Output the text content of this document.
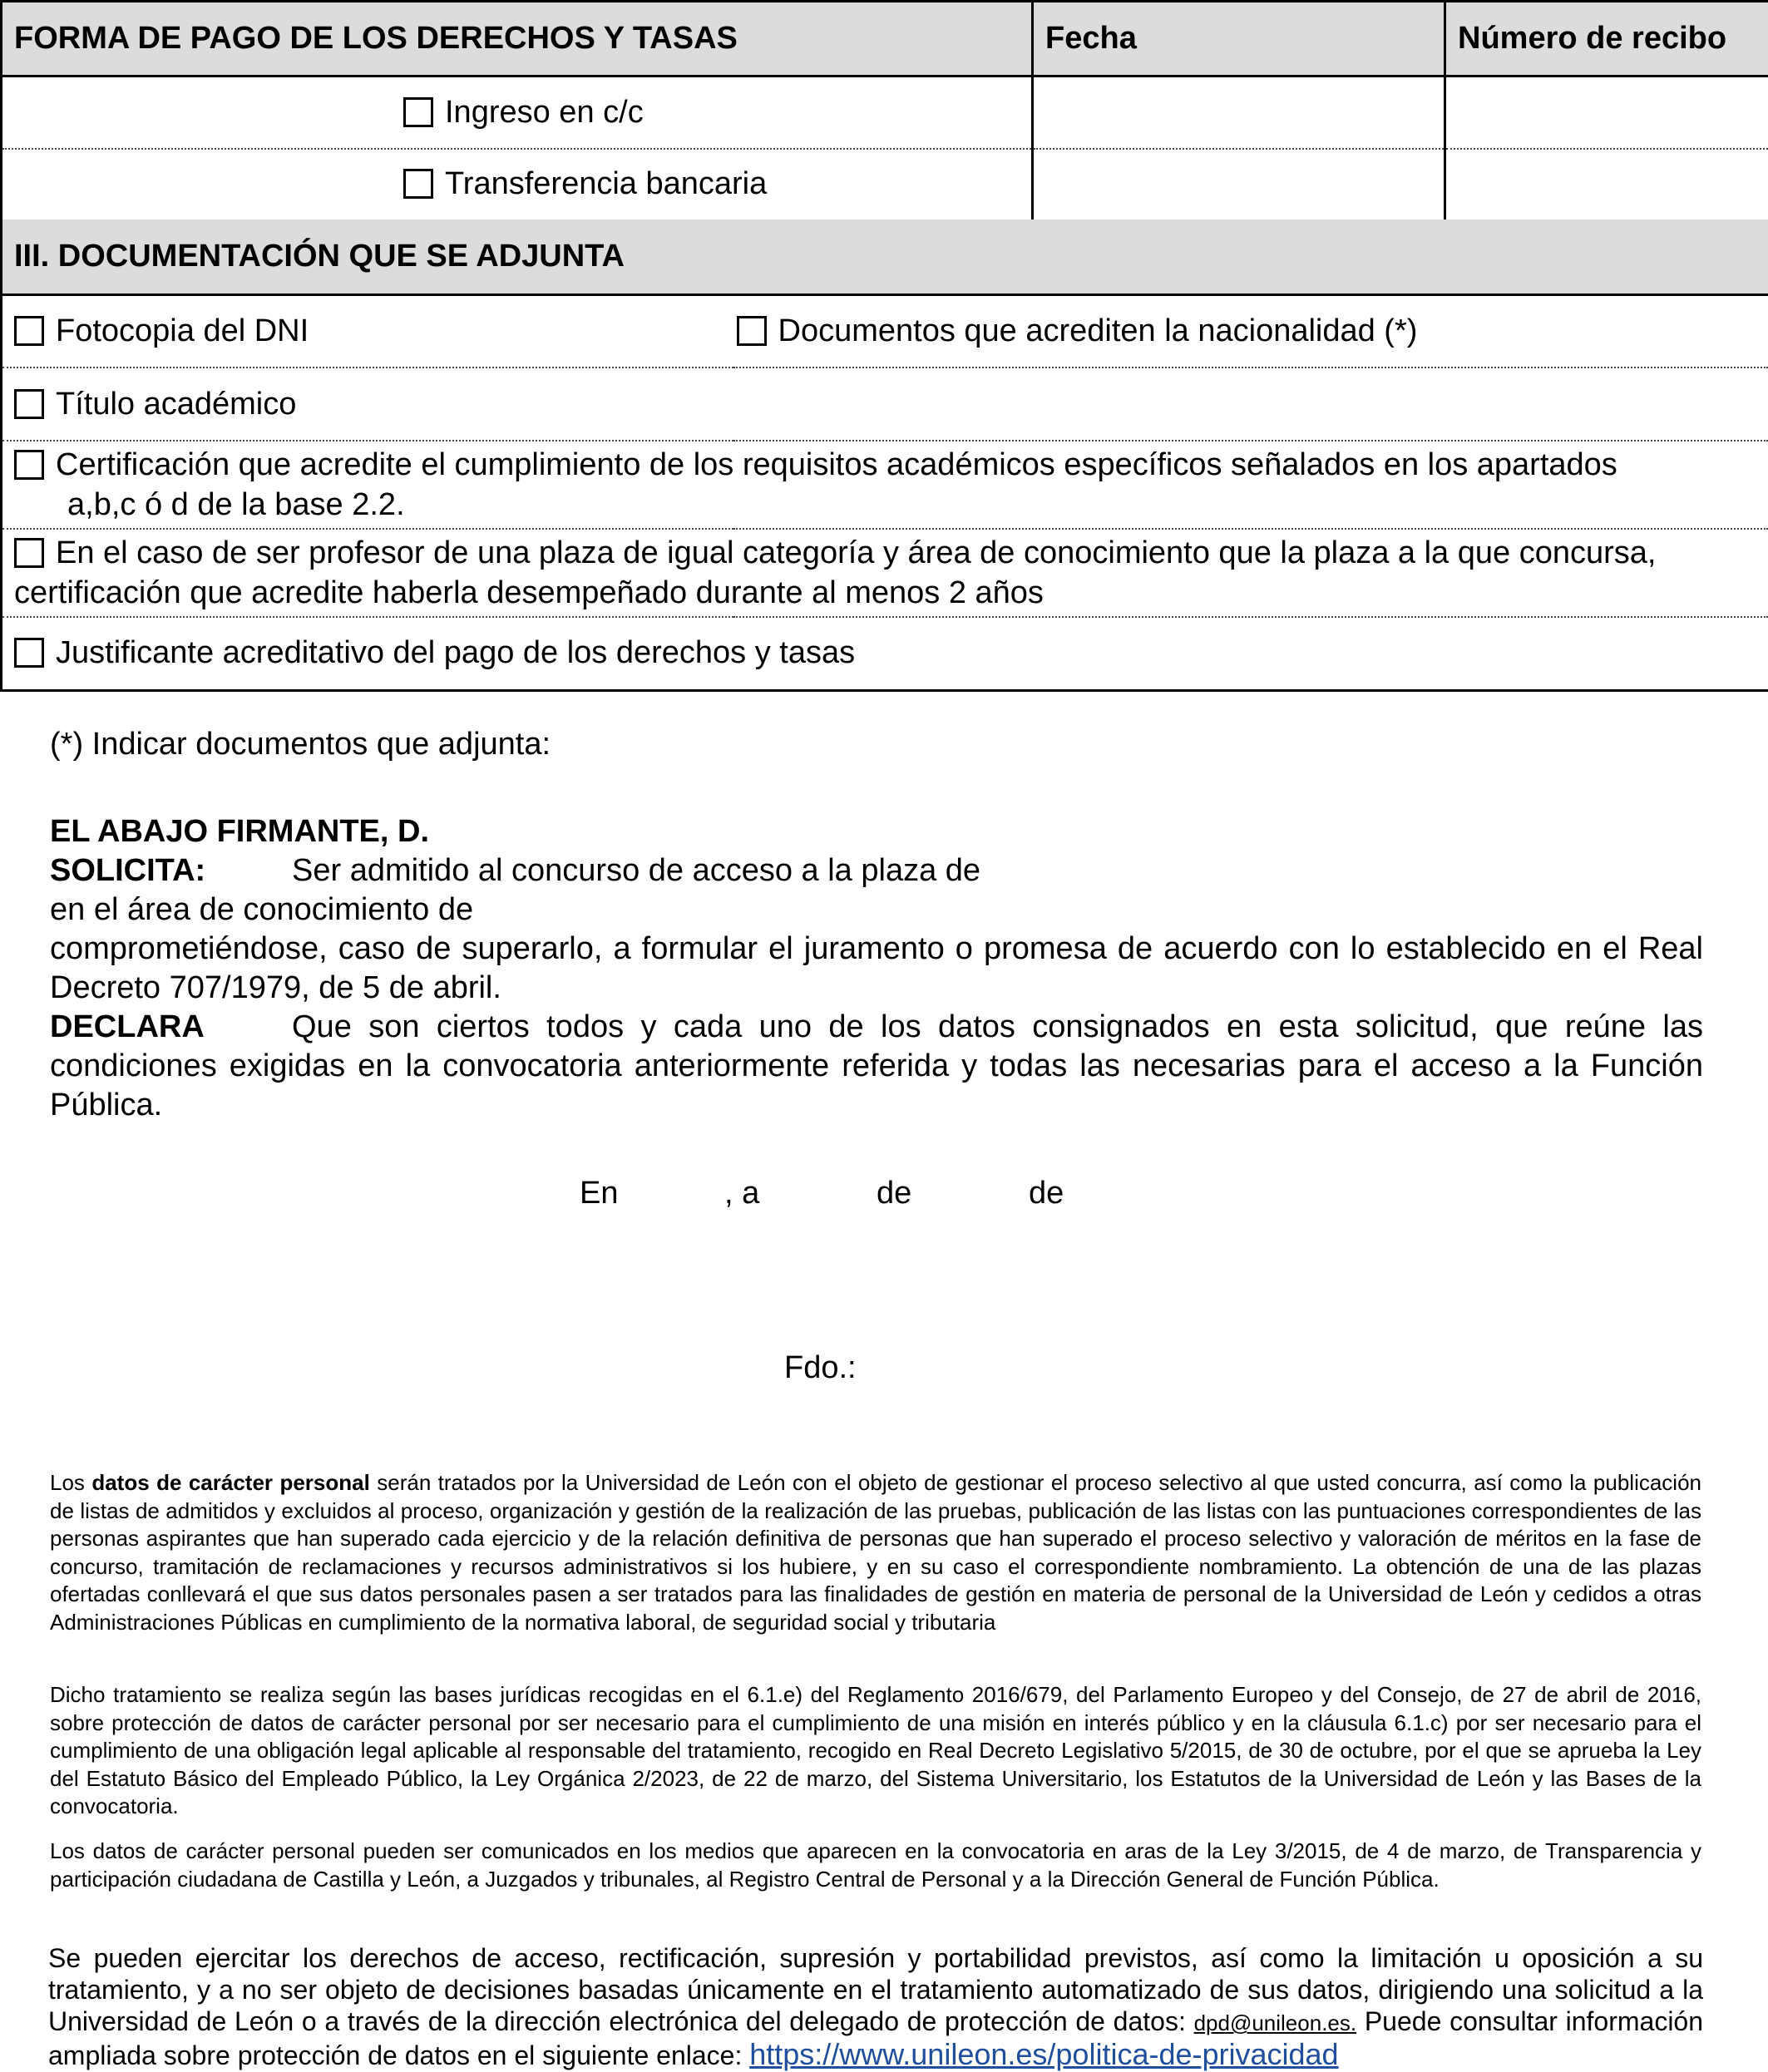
FORMA DE PAGO DE LOS DERECHOS Y TASAS	Fecha	Número de recibo
Ingreso en c/c		
Transferencia bancaria		
III. DOCUMENTACIÓN QUE SE ADJUNTA
Fotocopia del DNI	Documentos que acrediten la nacionalidad (*)
Título académico

Certificación que acredite el cumplimiento de los requisitos académicos específicos señalados en los apartados
a,b,c ó d de la base 2.2.

En el caso de ser profesor de una plaza de igual categoría y área de conocimiento que la plaza a la que concursa,
certificación que acredite haberla desempeñado durante al menos 2 años

Justificante acreditativo del pago de los derechos y tasas
(*) Indicar documentos que adjunta:
EL ABAJO FIRMANTE, D.
SOLICITA:	Ser admitido al concurso de acceso a la plaza de
en el área de conocimiento de
comprometiéndose, caso de superarlo, a formular el juramento o promesa de acuerdo con lo establecido en el Real Decreto 707/1979, de 5 de abril.
DECLARA	Que son ciertos todos y cada uno de los datos consignados en esta solicitud, que reúne las condiciones exigidas en la convocatoria anteriormente referida y todas las necesarias para el acceso a la Función Pública.
En	, a	de	de
Fdo.:
Los datos de carácter personal serán tratados por la Universidad de León con el objeto de gestionar el proceso selectivo al que usted concurra, así como la publicación de listas de admitidos y excluidos al proceso, organización y gestión de la realización de las pruebas, publicación de las listas con las puntuaciones correspondientes de las personas aspirantes que han superado cada ejercicio y de la relación definitiva de personas que han superado el proceso selectivo y valoración de méritos en la fase de concurso, tramitación de reclamaciones y recursos administrativos si los hubiere, y en su caso el correspondiente nombramiento. La obtención de una de las plazas ofertadas conllevará el que sus datos personales pasen a ser tratados para las finalidades de gestión en materia de personal de la Universidad de León y cedidos a otras Administraciones Públicas en cumplimiento de la normativa laboral, de seguridad social y tributaria
Dicho tratamiento se realiza según las bases jurídicas recogidas en el 6.1.e) del Reglamento 2016/679, del Parlamento Europeo y del Consejo, de 27 de abril de 2016, sobre protección de datos de carácter personal por ser necesario para el cumplimiento de una misión en interés público y en la cláusula 6.1.c) por ser necesario para el cumplimiento de una obligación legal aplicable al responsable del tratamiento, recogido en Real Decreto Legislativo 5/2015, de 30 de octubre, por el que se aprueba la Ley del Estatuto Básico del Empleado Público, la Ley Orgánica 2/2023, de 22 de marzo, del Sistema Universitario, los Estatutos de la Universidad de León y las Bases de la convocatoria.
Los datos de carácter personal pueden ser comunicados en los medios que aparecen en la convocatoria en aras de la Ley 3/2015, de 4 de marzo, de Transparencia y participación ciudadana de Castilla y León, a Juzgados y tribunales, al Registro Central de Personal y a la Dirección General de Función Pública.
Se pueden ejercitar los derechos de acceso, rectificación, supresión y portabilidad previstos, así como la limitación u oposición a su tratamiento, y a no ser objeto de decisiones basadas únicamente en el tratamiento automatizado de sus datos, dirigiendo una solicitud a la Universidad de León o a través de la dirección electrónica del delegado de protección de datos: dpd@unileon.es. Puede consultar información ampliada sobre protección de datos en el siguiente enlace: https://www.unileon.es/politica-de-privacidad
